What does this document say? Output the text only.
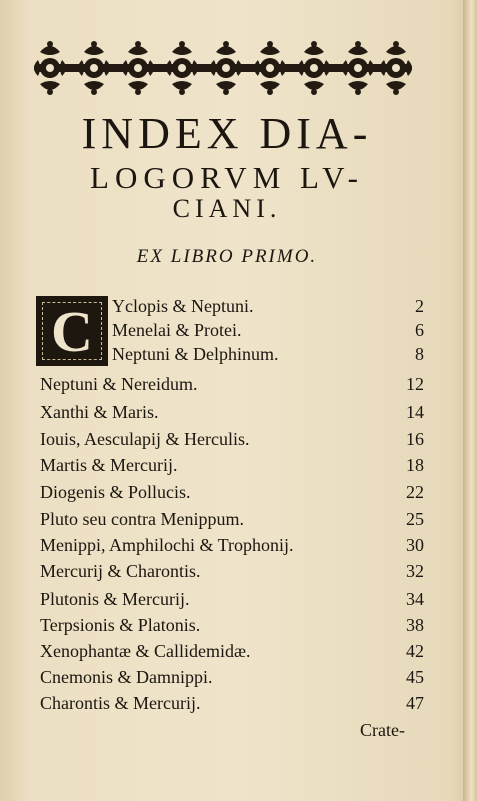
INDEX DIA-
LOGORVM LV-
CIANI.
EX LIBRO PRIMO.
C	Yclopis & Neptuni.	2
Menelai & Protei.	6
Neptuni & Delphinum.	8
Neptuni & Nereidum.	12
Xanthi & Maris.	14
Iouis, Aesculapij & Herculis.	16
Martis & Mercurij.	18
Diogenis & Pollucis.	22
Pluto seu contra Menippum.	25
Menippi, Amphilochi & Trophonij.	30
Mercurij & Charontis.	32
Plutonis & Mercurij.	34
Terpsionis & Platonis.	38
Xenophantæ & Callidemidæ.	42
Cnemonis & Damnippi.	45
Charontis & Mercurij.	47
Crate-
